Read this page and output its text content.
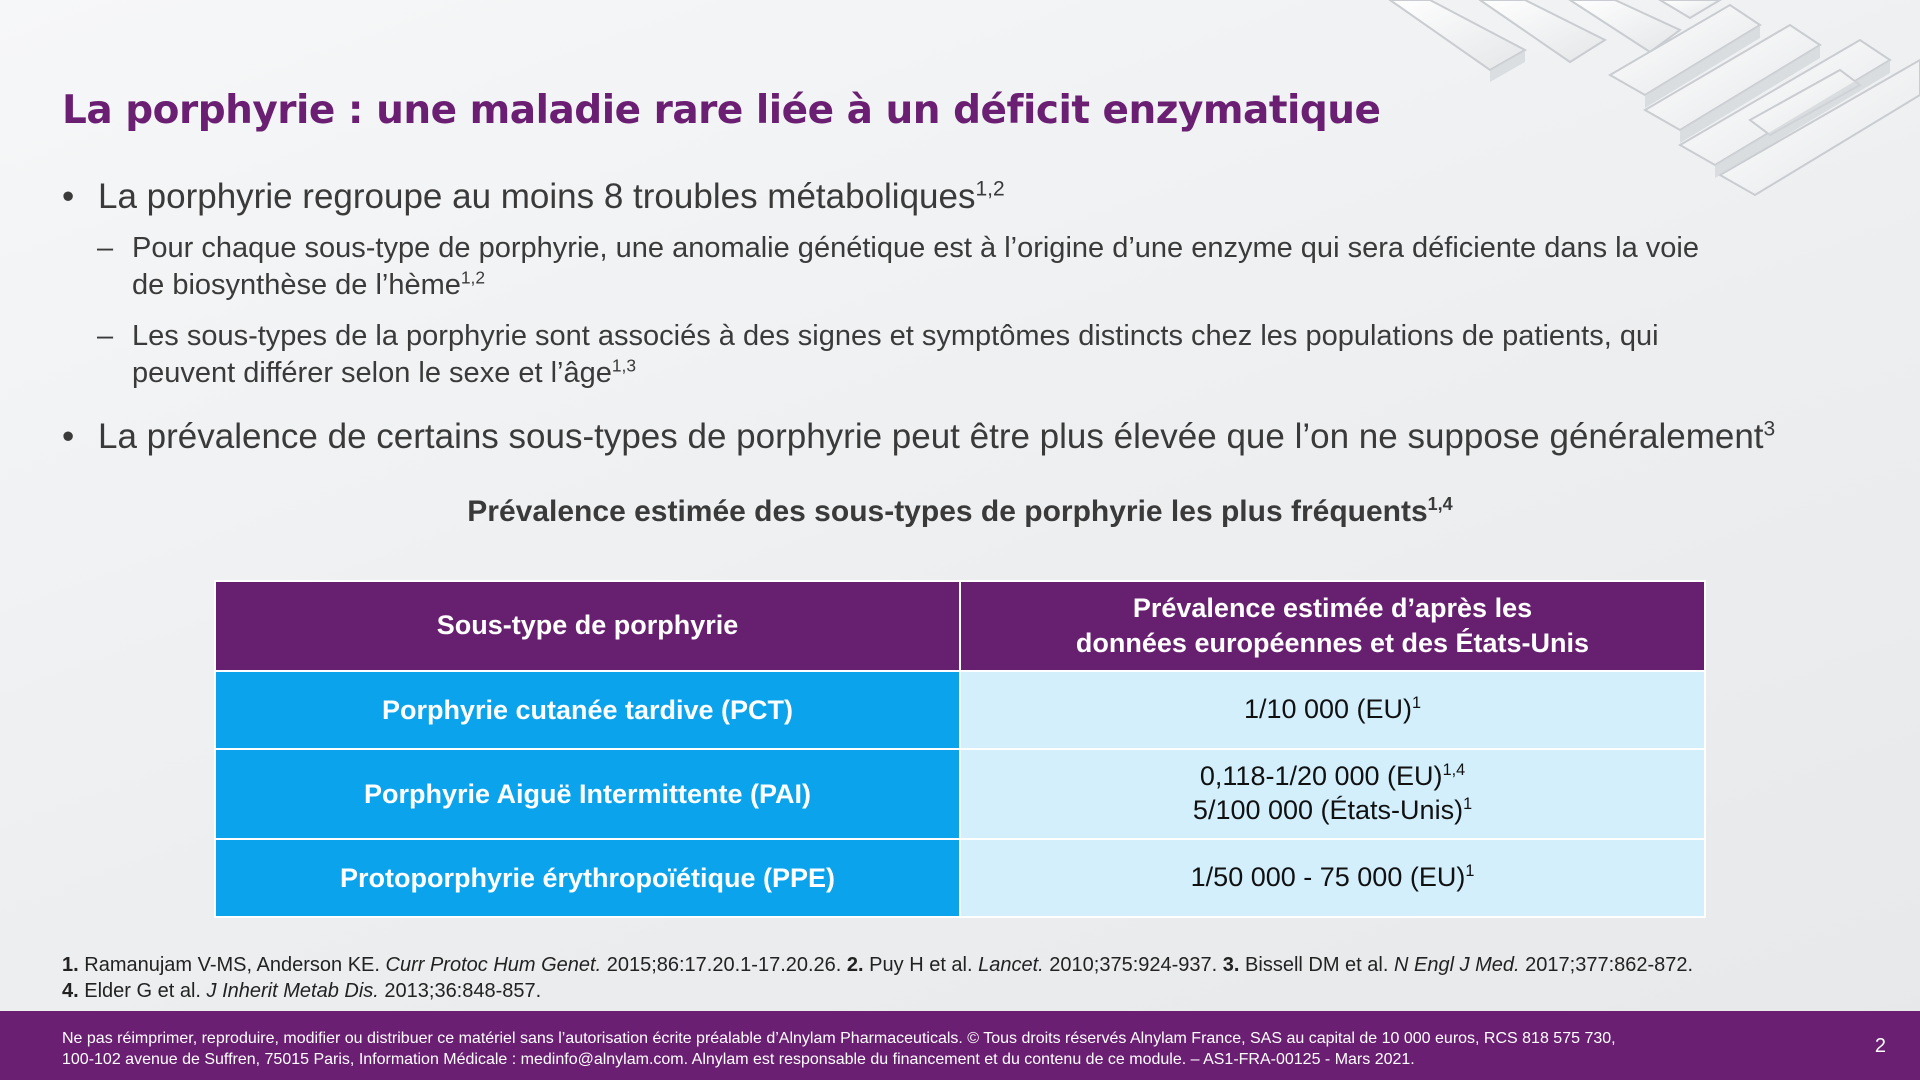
La porphyrie : une maladie rare liée à un déficit enzymatique
• La porphyrie regroupe au moins 8 troubles métaboliques$^{1,2}$
– Pour chaque sous-type de porphyrie, une anomalie génétique est à l’origine d’une enzyme qui sera déficiente dans la voie
de biosynthèse de l’hème$^{1,2}$
– Les sous-types de la porphyrie sont associés à des signes et symptômes distincts chez les populations de patients, qui
peuvent différer selon le sexe et l’âge$^{1,3}$
• La prévalence de certains sous-types de porphyrie peut être plus élevée que l’on ne suppose généralement$^3$
Prévalence estimée des sous-types de porphyrie les plus fréquents$^{1,4}$
Sous-type de porphyrie	Prévalence estimée d’après les
données européennes et des États-Unis
Porphyrie cutanée tardive (PCT)	1/10 000 (EU)$^1$
Porphyrie Aiguë Intermittente (PAI)	0,118-1/20 000 (EU)$^{1,4}$
5/100 000 (États-Unis)$^1$
Protoporphyrie érythropoïétique (PPE)	1/50 000 - 75 000 (EU)$^1$
1. Ramanujam V-MS, Anderson KE. Curr Protoc Hum Genet. 2015;86:17.20.1-17.20.26. 2. Puy H et al. Lancet. 2010;375:924-937. 3. Bissell DM et al. N Engl J Med. 2017;377:862-872.
4. Elder G et al. J Inherit Metab Dis. 2013;36:848-857.
Ne pas réimprimer, reproduire, modifier ou distribuer ce matériel sans l’autorisation écrite préalable d’Alnylam Pharmaceuticals. © Tous droits réservés Alnylam France, SAS au capital de 10 000 euros, RCS 818 575 730,
100-102 avenue de Suffren, 75015 Paris, Information Médicale : medinfo@alnylam.com. Alnylam est responsable du financement et du contenu de ce module. – AS1-FRA-00125 - Mars 2021.
2
